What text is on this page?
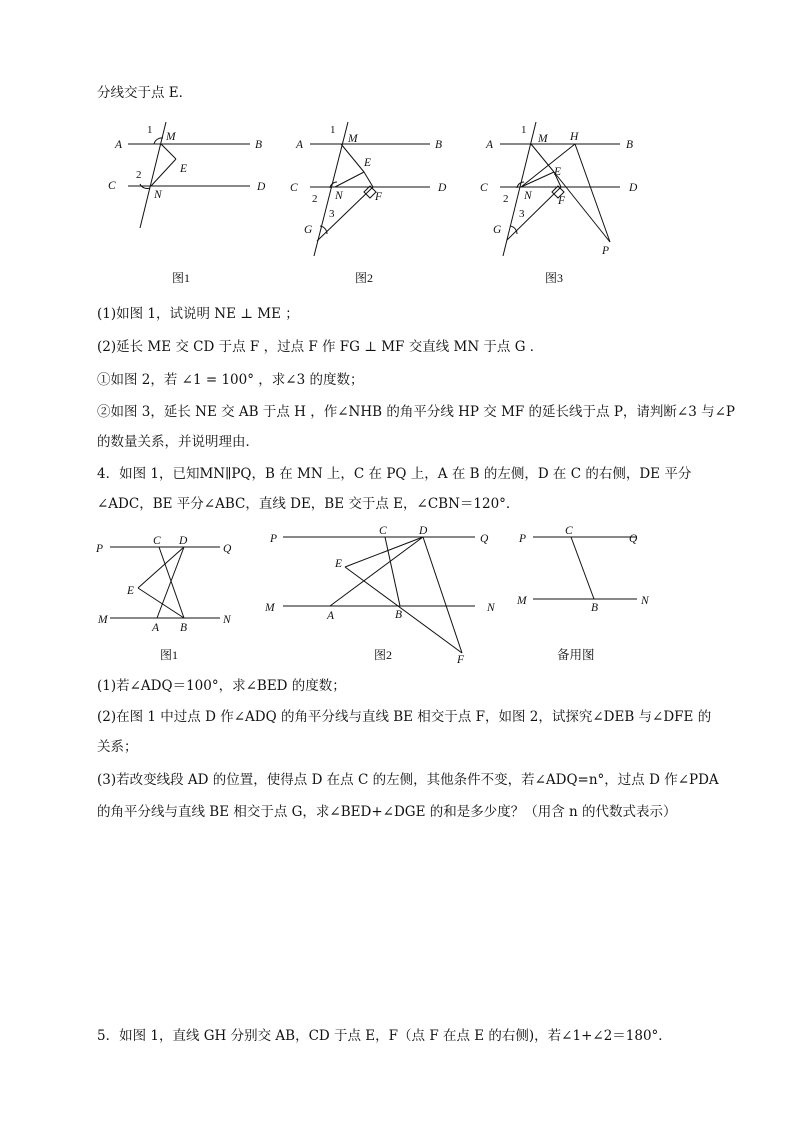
分线交于点 E．
A	B
C	D
M
E
N
1
2
图1
A	B
C	D
M
E
N	F
G
1
2
3
图2
A	B
C	D
M H
E
N F
G
P
1
2
3
图3
(1)如图 1，试说明 NE ⊥ ME ；
(2)延长 ME 交 CD 于点 F ，过点 F 作 FG ⊥ MF 交直线 MN 于点 G ．
①如图 2，若 ∠1 = 100° ，求∠3 的度数；
②如图 3，延长 NE 交 AB 于点 H ，作∠NHB 的角平分线 HP 交 MF 的延长线于点 P，请判断∠3 与∠P
的数量关系，并说明理由．
4．如图 1，已知MN∥PQ，B 在 MN 上，C 在 PQ 上，A 在 B 的左侧，D 在 C 的右侧，DE 平分
∠ADC，BE 平分∠ABC，直线 DE，BE 交于点 E，∠CBN＝120°．
P	Q
C D
E
M	N
A B
图1
P	Q
C	D
E
M	N
A	B
F
图2
P	Q
C
M	N
B
备用图
(1)若∠ADQ＝100°，求∠BED 的度数；
(2)在图 1 中过点 D 作∠ADQ 的角平分线与直线 BE 相交于点 F，如图 2，试探究∠DEB 与∠DFE 的
关系；
(3)若改变线段 AD 的位置，使得点 D 在点 C 的左侧，其他条件不变，若∠ADQ=n°，过点 D 作∠PDA
的角平分线与直线 BE 相交于点 G，求∠BED+∠DGE 的和是多少度？（用含 n 的代数式表示）
5．如图 1，直线 GH 分别交 AB，CD 于点 E，F（点 F 在点 E 的右侧)，若∠1+∠2＝180°．
